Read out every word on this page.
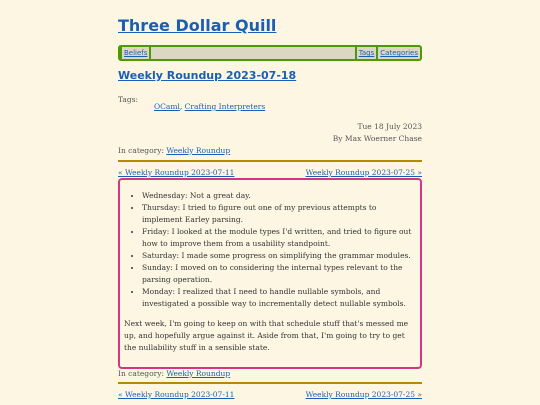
Three Dollar Quill
Beliefs	Tags Categories
Weekly Roundup 2023-07-18
Tags:
OCaml, Crafting Interpreters
Tue 18 July 2023
By Max Woerner Chase
In category: Weekly Roundup
« Weekly Roundup 2023-07-11	Weekly Roundup 2023-07-25 »
• Wednesday: Not a great day.
• Thursday: I tried to figure out one of my previous attempts to implement Earley parsing.
• Friday: I looked at the module types I'd written, and tried to figure out how to improve them from a usability standpoint.
• Saturday: I made some progress on simplifying the grammar modules.
• Sunday: I moved on to considering the internal types relevant to the parsing operation.
• Monday: I realized that I need to handle nullable symbols, and investigated a possible way to incrementally detect nullable symbols.

Next week, I'm going to keep on with that schedule stuff that's messed me up, and hopefully argue against it. Aside from that, I'm going to try to get the nullability stuff in a sensible state.

In category: Weekly Roundup
« Weekly Roundup 2023-07-11	Weekly Roundup 2023-07-25 »
